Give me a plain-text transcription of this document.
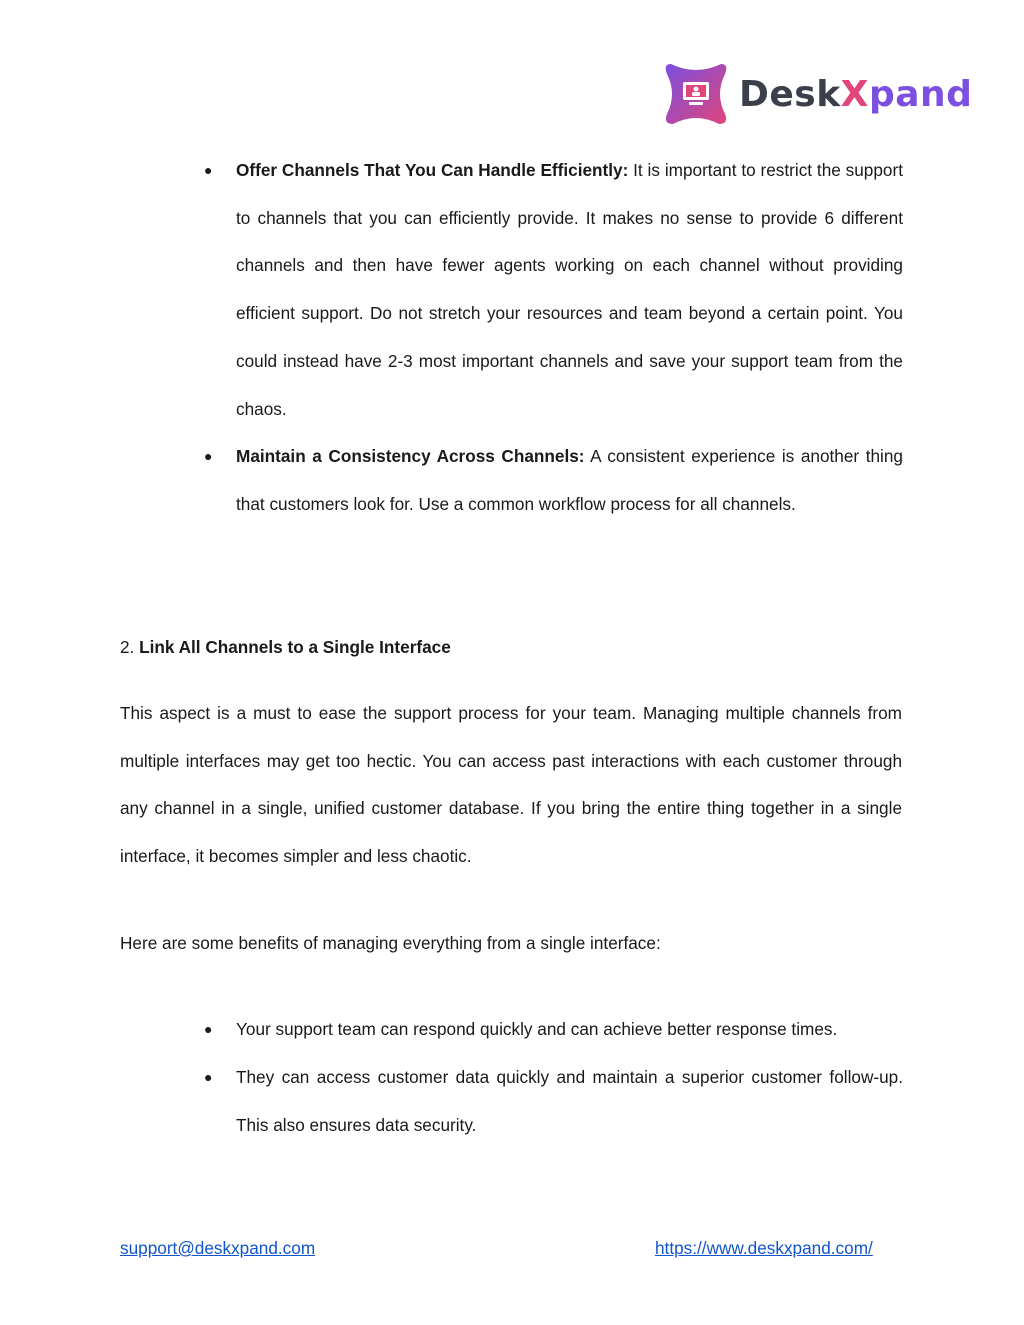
DeskXpand
● Offer Channels That You Can Handle Efficiently: It is important to restrict the support to channels that you can efficiently provide. It makes no sense to provide 6 different channels and then have fewer agents working on each channel without providing efficient support. Do not stretch your resources and team beyond a certain point. You could instead have 2-3 most important channels and save your support team from the chaos.
● Maintain a Consistency Across Channels: A consistent experience is another thing that customers look for. Use a common workflow process for all channels.
2. Link All Channels to a Single Interface

This aspect is a must to ease the support process for your team. Managing multiple channels from multiple interfaces may get too hectic. You can access past interactions with each customer through any channel in a single, unified customer database. If you bring the entire thing together in a single interface, it becomes simpler and less chaotic.

Here are some benefits of managing everything from a single interface:

● Your support team can respond quickly and can achieve better response times.
● They can access customer data quickly and maintain a superior customer follow-up. This also ensures data security.
support@deskxpand.com	https://www.deskxpand.com/
